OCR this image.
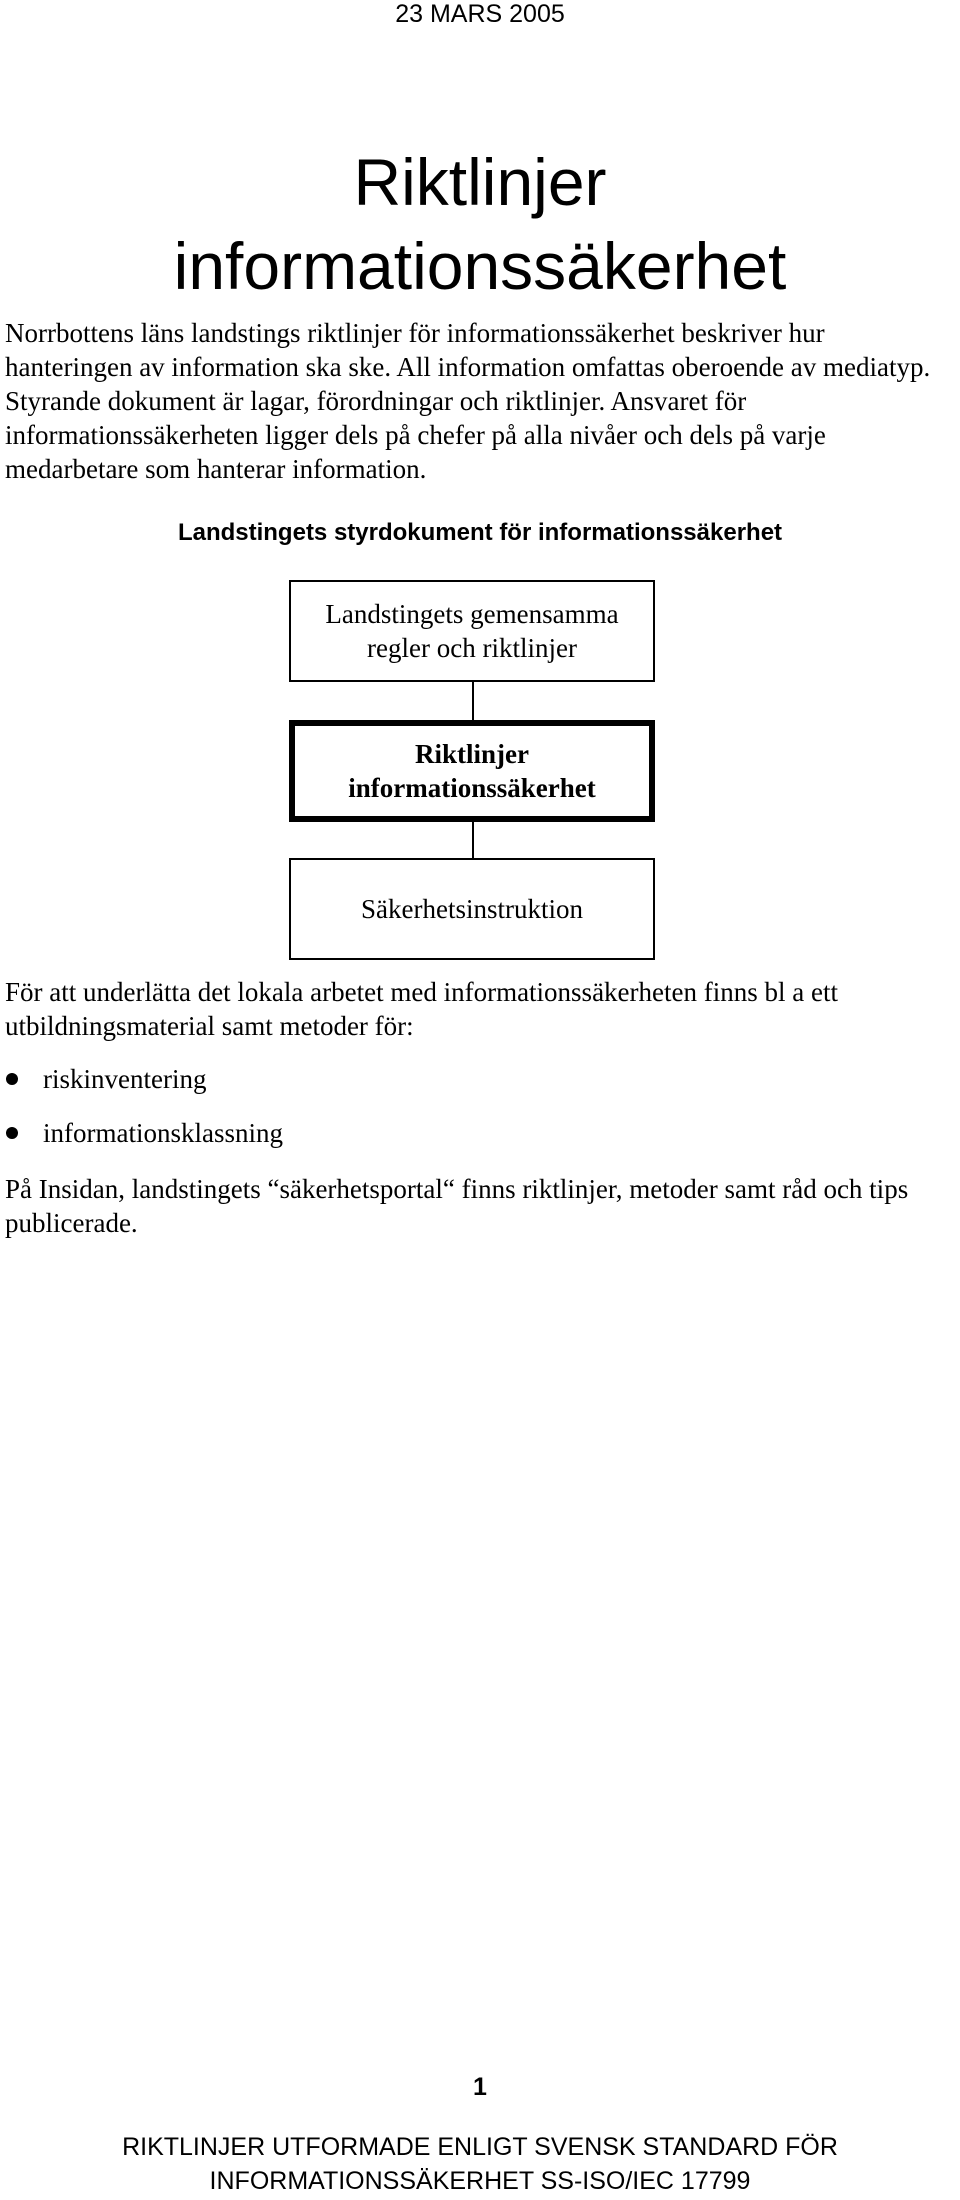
23 MARS 2005
Riktlinjer
informationssäkerhet

Norrbottens läns landstings riktlinjer för informationssäkerhet beskriver hur hanteringen av information ska ske. All information omfattas oberoende av mediatyp. Styrande dokument är lagar, förordningar och riktlinjer. Ansvaret för informationssäkerheten ligger dels på chefer på alla nivåer och dels på varje medarbetare som hanterar information.

Landstingets styrdokument för informationssäkerhet
Landstingets gemensamma
regler och riktlinjer
Riktlinjer
informationssäkerhet
Säkerhetsinstruktion

För att underlätta det lokala arbetet med informationssäkerheten finns bl a ett utbildningsmaterial samt metoder för:

riskinventering
informationsklassning

På Insidan, landstingets “säkerhetsportal“ finns riktlinjer, metoder samt råd och tips publicerade.

1
RIKTLINJER UTFORMADE ENLIGT SVENSK STANDARD FÖR
INFORMATIONSSÄKERHET SS-ISO/IEC 17799
